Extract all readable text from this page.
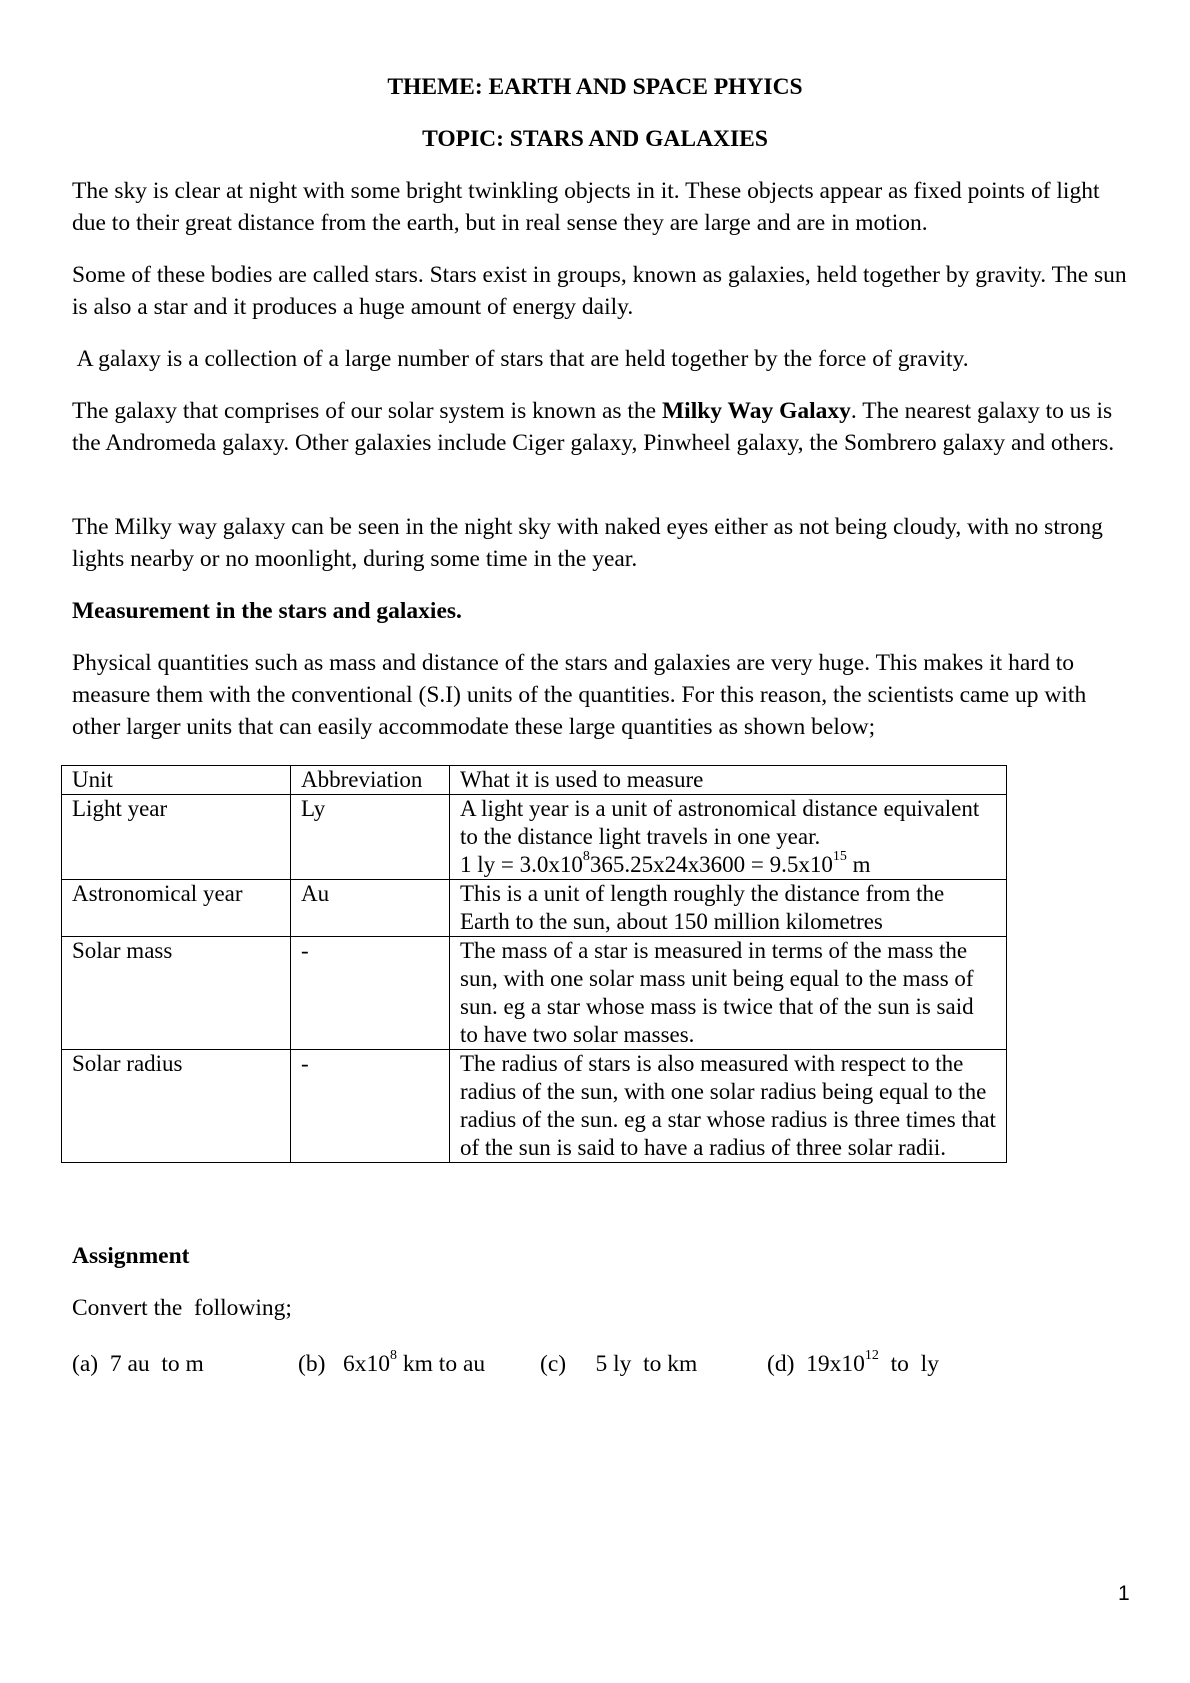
THEME: EARTH AND SPACE PHYICS
TOPIC: STARS AND GALAXIES

The sky is clear at night with some bright twinkling objects in it. These objects appear as fixed points of light due to their great distance from the earth, but in real sense they are large and are in motion.

Some of these bodies are called stars. Stars exist in groups, known as galaxies, held together by gravity. The sun is also a star and it produces a huge amount of energy daily.

A galaxy is a collection of a large number of stars that are held together by the force of gravity.

The galaxy that comprises of our solar system is known as the Milky Way Galaxy. The nearest galaxy to us is the Andromeda galaxy. Other galaxies include Ciger galaxy, Pinwheel galaxy, the Sombrero galaxy and others.

The Milky way galaxy can be seen in the night sky with naked eyes either as not being cloudy, with no strong lights nearby or no moonlight, during some time in the year.

Measurement in the stars and galaxies.

Physical quantities such as mass and distance of the stars and galaxies are very huge. This makes it hard to measure them with the conventional (S.I) units of the quantities. For this reason, the scientists came up with other larger units that can easily accommodate these large quantities as shown below;

Unit	Abbreviation	What it is used to measure
Light year	Ly	A light year is a unit of astronomical distance equivalent to the distance light travels in one year.
1 ly = $3.0x10^8365.25x24x3600 = 9.5x10^{15}$ m
Astronomical year	Au	This is a unit of length roughly the distance from the Earth to the sun, about 150 million kilometres
Solar mass	-	The mass of a star is measured in terms of the mass the sun, with one solar mass unit being equal to the mass of sun. eg a star whose mass is twice that of the sun is said to have two solar masses.
Solar radius	-	The radius of stars is also measured with respect to the radius of the sun, with one solar radius being equal to the radius of the sun. eg a star whose radius is three times that of the sun is said to have a radius of three solar radii.
Assignment
Convert the  following;
(a)  7 au  to m	(b) $6x10^8$ km to au (c) 5 ly  to km	(d) $19x10^{12}$  to  ly
1
